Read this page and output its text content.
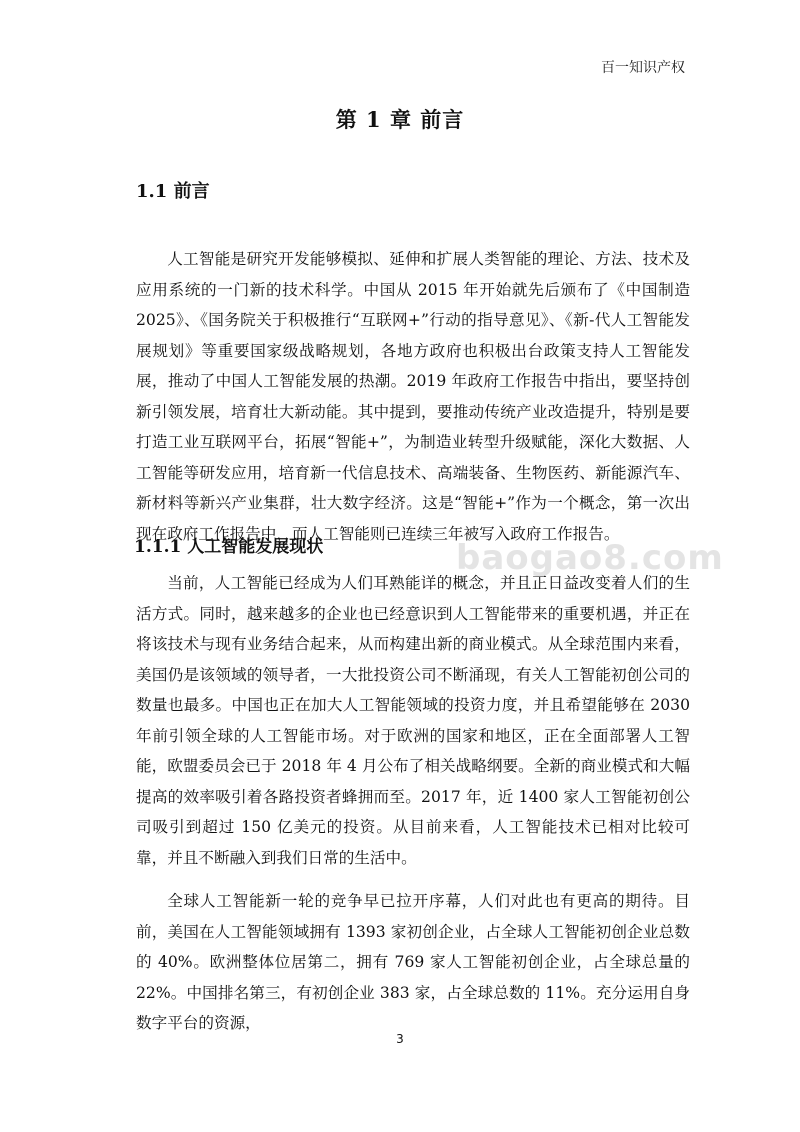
百一知识产权
第 1 章 前言
1.1 前言

人工智能是研究开发能够模拟、延伸和扩展人类智能的理论、方法、技术及应用系统的一门新的技术科学。中国从 2015 年开始就先后颁布了《中国制造2025》、《国务院关于积极推行“互联网+”行动的指导意见》、《新-代人工智能发展规划》等重要国家级战略规划，各地方政府也积极出台政策支持人工智能发展，推动了中国人工智能发展的热潮。2019 年政府工作报告中指出，要坚持创新引领发展，培育壮大新动能。其中提到，要推动传统产业改造提升，特别是要打造工业互联网平台，拓展“智能+”，为制造业转型升级赋能，深化大数据、人工智能等研发应用，培育新一代信息技术、高端装备、生物医药、新能源汽车、新材料等新兴产业集群，壮大数字经济。这是“智能+”作为一个概念，第一次出现在政府工作报告中，而人工智能则已连续三年被写入政府工作报告。

1.1.1 人工智能发展现状

当前，人工智能已经成为人们耳熟能详的概念，并且正日益改变着人们的生活方式。同时，越来越多的企业也已经意识到人工智能带来的重要机遇，并正在将该技术与现有业务结合起来，从而构建出新的商业模式。从全球范围内来看，美国仍是该领域的领导者，一大批投资公司不断涌现，有关人工智能初创公司的数量也最多。中国也正在加大人工智能领域的投资力度，并且希望能够在 2030 年前引领全球的人工智能市场。对于欧洲的国家和地区，正在全面部署人工智能，欧盟委员会已于 2018 年 4 月公布了相关战略纲要。全新的商业模式和大幅提高的效率吸引着各路投资者蜂拥而至。2017 年，近 1400 家人工智能初创公司吸引到超过 150 亿美元的投资。从目前来看，人工智能技术已相对比较可靠，并且不断融入到我们日常的生活中。

全球人工智能新一轮的竞争早已拉开序幕，人们对此也有更高的期待。目前，美国在人工智能领域拥有 1393 家初创企业，占全球人工智能初创企业总数的 40%。欧洲整体位居第二，拥有 769 家人工智能初创企业，占全球总量的 22%。中国排名第三，有初创企业 383 家，占全球总数的 11%。充分运用自身数字平台的资源，

baogao8.com
3
